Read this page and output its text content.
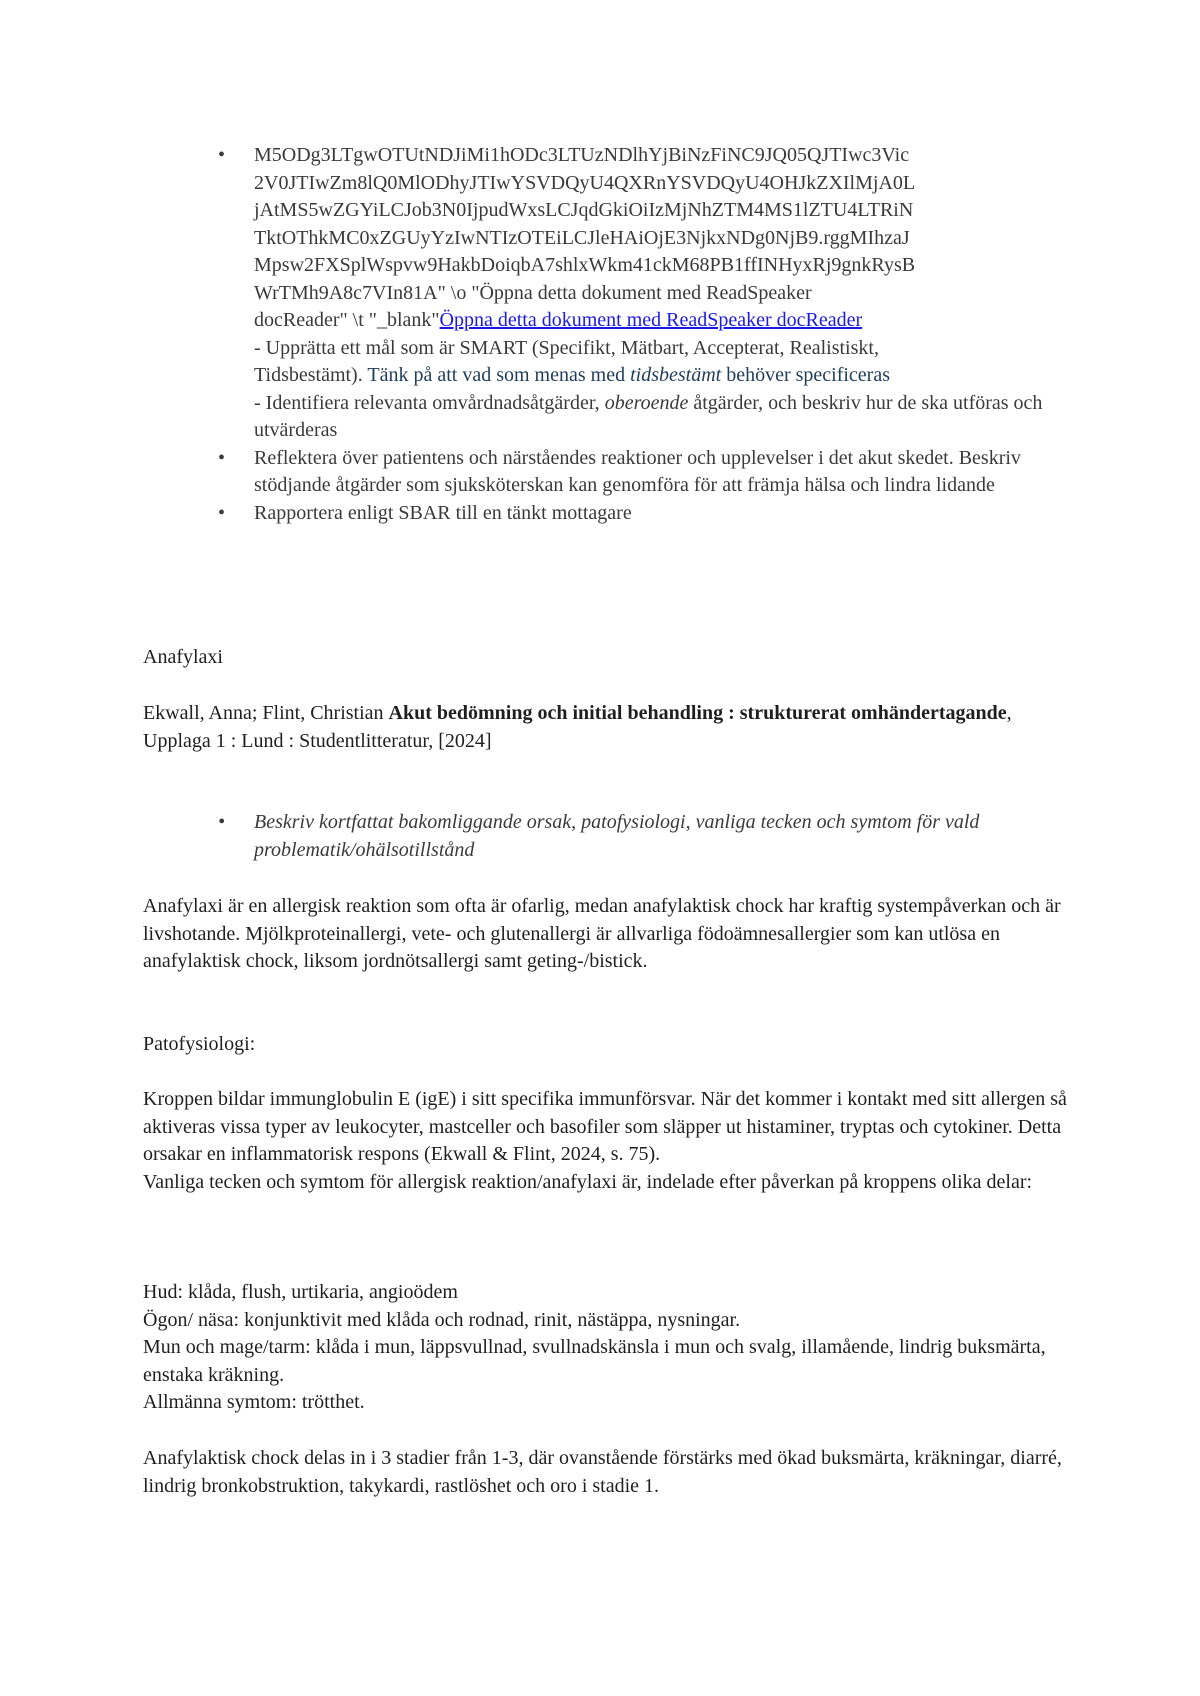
• M5ODg3LTgwOTUtNDJiMi1hODc3LTUzNDlhYjBiNzFiNC9JQ05QJTIwc3Vic
2V0JTIwZm8lQ0MlODhyJTIwYSVDQyU4QXRnYSVDQyU4OHJkZXIlMjA0L
jAtMS5wZGYiLCJob3N0IjpudWxsLCJqdGkiOiIzMjNhZTM4MS1lZTU4LTRiN
TktOThkMC0xZGUyYzIwNTIzOTEiLCJleHAiOjE3NjkxNDg0NjB9.rggMIhzaJ
Mpsw2FXSplWspvw9HakbDoiqbA7shlxWkm41ckM68PB1ffINHyxRj9gnkRysB
WrTMh9A8c7VIn81A" \o "Öppna detta dokument med ReadSpeaker
docReader" \t "_blank"Öppna detta dokument med ReadSpeaker docReader
- Upprätta ett mål som är SMART (Specifikt, Mätbart, Accepterat, Realistiskt,
Tidsbestämt). Tänk på att vad som menas med tidsbestämt behöver specificeras
- Identifiera relevanta omvårdnadsåtgärder, oberoende åtgärder, och beskriv hur de ska utföras och utvärderas
• Reflektera över patientens och närståendes reaktioner och upplevelser i det akut skedet. Beskriv stödjande åtgärder som sjuksköterskan kan genomföra för att främja hälsa och lindra lidande
• Rapportera enligt SBAR till en tänkt mottagare

Anafylaxi

Ekwall, Anna; Flint, Christian Akut bedömning och initial behandling : strukturerat omhändertagande, Upplaga 1 : Lund : Studentlitteratur, [2024]

• Beskriv kortfattat bakomliggande orsak, patofysiologi, vanliga tecken och symtom för vald problematik/ohälsotillstånd

Anafylaxi är en allergisk reaktion som ofta är ofarlig, medan anafylaktisk chock har kraftig systempåverkan och är livshotande. Mjölkproteinallergi, vete- och glutenallergi är allvarliga födoämnesallergier som kan utlösa en anafylaktisk chock, liksom jordnötsallergi samt geting-/bistick.

Patofysiologi:

Kroppen bildar immunglobulin E (igE) i sitt specifika immunförsvar. När det kommer i kontakt med sitt allergen så aktiveras vissa typer av leukocyter, mastceller och basofiler som släpper ut histaminer, tryptas och cytokiner. Detta orsakar en inflammatorisk respons (Ekwall & Flint, 2024, s. 75).
Vanliga tecken och symtom för allergisk reaktion/anafylaxi är, indelade efter påverkan på kroppens olika delar:

Hud: klåda, flush, urtikaria, angioödem
Ögon/ näsa: konjunktivit med klåda och rodnad, rinit, nästäppa, nysningar.
Mun och mage/tarm: klåda i mun, läppsvullnad, svullnadskänsla i mun och svalg, illamående, lindrig buksmärta, enstaka kräkning.
Allmänna symtom: trötthet.

Anafylaktisk chock delas in i 3 stadier från 1-3, där ovanstående förstärks med ökad buksmärta, kräkningar, diarré, lindrig bronkobstruktion, takykardi, rastlöshet och oro i stadie 1.
